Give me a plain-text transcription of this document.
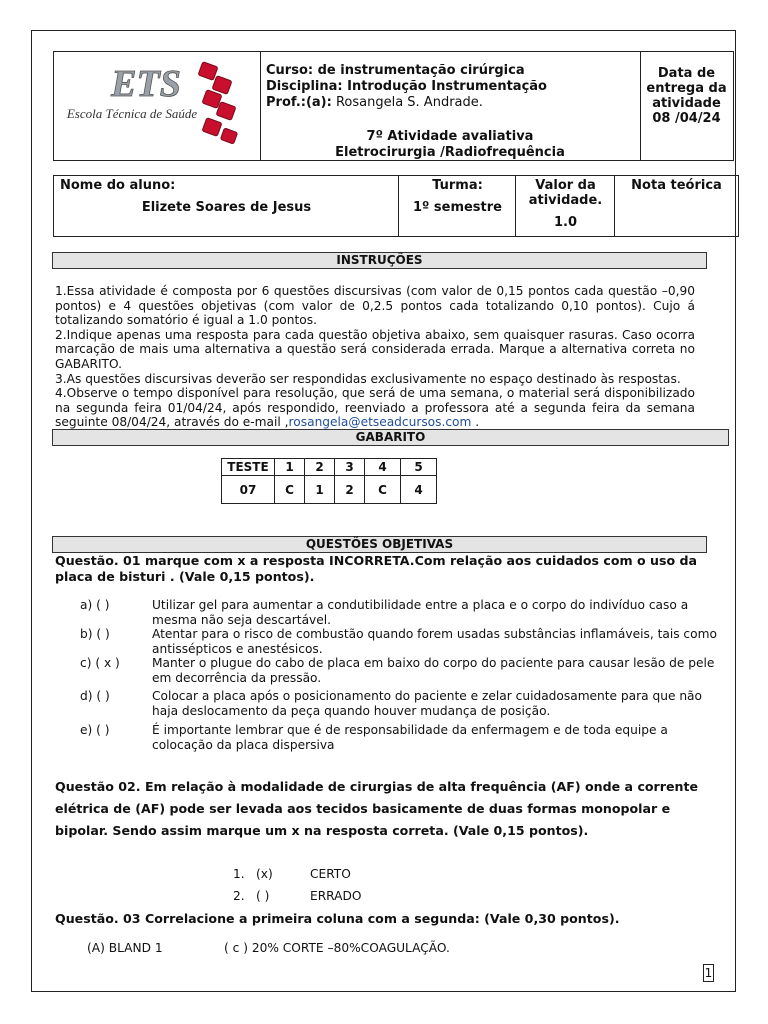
ETS
Escola Técnica de Saúde
Curso: de instrumentação cirúrgica
Disciplina: Introdução Instrumentação
Prof.:(a): Rosangela S. Andrade.
7º Atividade avaliativa
Eletrocirurgia /Radiofrequência
Data de
entrega da
atividade
08 /04/24
Nome do aluno:
Elizete Soares de Jesus
Turma:
1º semestre
Valor da
atividade.
1.0
Nota teórica
INSTRUÇÕES
1.Essa atividade é composta por 6 questões discursivas (com valor de 0,15 pontos cada questão –0,90 pontos) e 4 questões objetivas (com valor de 0,2.5 pontos cada totalizando 0,10 pontos). Cujo á totalizando somatório é igual a 1.0 pontos.
2.Indique apenas uma resposta para cada questão objetiva abaixo, sem quaisquer rasuras. Caso ocorra marcação de mais uma alternativa a questão será considerada errada. Marque a alternativa correta no GABARITO.
3.As questões discursivas deverão ser respondidas exclusivamente no espaço destinado às respostas.
4.Observe o tempo disponível para resolução, que será de uma semana, o material será disponibilizado na segunda feira 01/04/24, após respondido, reenviado a professora até a segunda feira da semana seguinte 08/04/24, através do e-mail ,rosangela@etseadcursos.com .
GABARITO
TESTE	1	2	3	4	5
07	C	1	2	C	4
QUESTÕES OBJETIVAS
Questão. 01 marque com x a resposta INCORRETA.Com relação aos cuidados com o uso da placa de bisturi . (Vale 0,15 pontos).
a) ( )	Utilizar gel para aumentar a condutibilidade entre a placa e o corpo do indivíduo caso a mesma não seja descartável.
b) ( )	Atentar para o risco de combustão quando forem usadas substâncias inflamáveis, tais como antissépticos e anestésicos.
c) ( x )	Manter o plugue do cabo de placa em baixo do corpo do paciente para causar lesão de pele em decorrência da pressão.
d) ( )	Colocar a placa após o posicionamento do paciente e zelar cuidadosamente para que não haja deslocamento da peça quando houver mudança de posição.
e) ( )	É importante lembrar que é de responsabilidade da enfermagem e de toda equipe a colocação da placa dispersiva
Questão 02. Em relação à modalidade de cirurgias de alta frequência (AF) onde a corrente elétrica de (AF) pode ser levada aos tecidos basicamente de duas formas monopolar e bipolar. Sendo assim marque um x na resposta correta. (Vale 0,15 pontos).
1. (x)	CERTO
2. ( )	ERRADO
Questão. 03 Correlacione a primeira coluna com a segunda: (Vale 0,30 pontos).
(A) BLAND 1	( c ) 20% CORTE –80%COAGULAÇÃO.
1
